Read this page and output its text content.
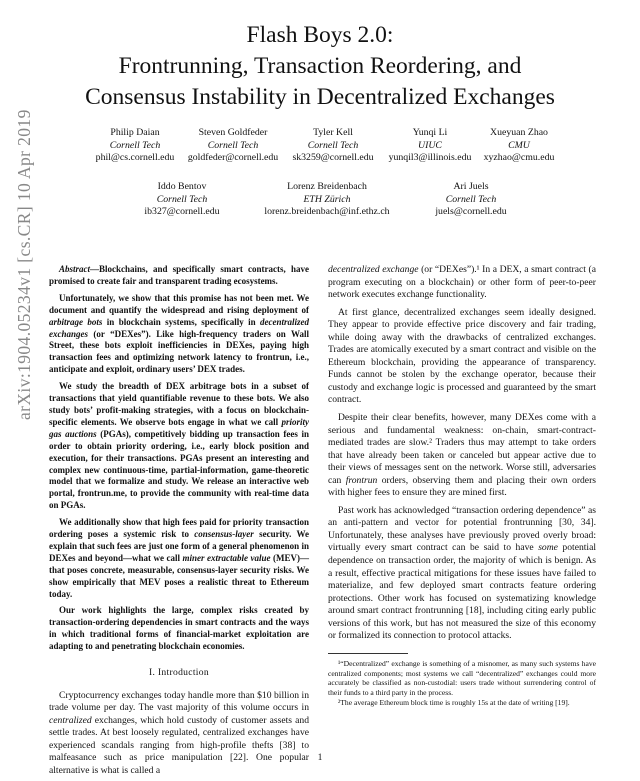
Flash Boys 2.0:
Frontrunning, Transaction Reordering, and
Consensus Instability in Decentralized Exchanges
Philip Daian
Cornell Tech
phil@cs.cornell.edu
Steven Goldfeder
Cornell Tech
goldfeder@cornell.edu
Tyler Kell
Cornell Tech
sk3259@cornell.edu
Yunqi Li
UIUC
yunqil3@illinois.edu
Xueyuan Zhao
CMU
xyzhao@cmu.edu
Iddo Bentov
Cornell Tech
ib327@cornell.edu
Lorenz Breidenbach
ETH Zürich
lorenz.breidenbach@inf.ethz.ch
Ari Juels
Cornell Tech
juels@cornell.edu
arXiv:1904.05234v1 [cs.CR] 10 Apr 2019	Abstract—Blockchains, and specifically smart contracts, have promised to create fair and transparent trading ecosystems.

Unfortunately, we show that this promise has not been met. We document and quantify the widespread and rising deployment of arbitrage bots in blockchain systems, specifically in decentralized exchanges (or “DEXes”). Like high-frequency traders on Wall Street, these bots exploit inefficiencies in DEXes, paying high transaction fees and optimizing network latency to frontrun, i.e., anticipate and exploit, ordinary users’ DEX trades.

We study the breadth of DEX arbitrage bots in a subset of transactions that yield quantifiable revenue to these bots. We also study bots’ profit-making strategies, with a focus on blockchain-specific elements. We observe bots engage in what we call priority gas auctions (PGAs), competitively bidding up transaction fees in order to obtain priority ordering, i.e., early block position and execution, for their transactions. PGAs present an interesting and complex new continuous-time, partial-information, game-theoretic model that we formalize and study. We release an interactive web portal, frontrun.me, to provide the community with real-time data on PGAs.

We additionally show that high fees paid for priority transaction ordering poses a systemic risk to consensus-layer security. We explain that such fees are just one form of a general phenomenon in DEXes and beyond—what we call miner extractable value (MEV)—that poses concrete, measurable, consensus-layer security risks. We show empirically that MEV poses a realistic threat to Ethereum today.

Our work highlights the large, complex risks created by transaction-ordering dependencies in smart contracts and the ways in which traditional forms of financial-market exploitation are adapting to and penetrating blockchain economies.

I. Introduction

Cryptocurrency exchanges today handle more than $10 billion in trade volume per day. The vast majority of this volume occurs in centralized exchanges, which hold custody of customer assets and settle trades. At best loosely regulated, centralized exchanges have experienced scandals ranging from high-profile thefts [38] to malfeasance such as price manipulation [22]. One popular alternative is what is called a

decentralized exchange (or “DEXes”).¹ In a DEX, a smart contract (a program executing on a blockchain) or other form of peer-to-peer network executes exchange functionality.

At first glance, decentralized exchanges seem ideally designed. They appear to provide effective price discovery and fair trading, while doing away with the drawbacks of centralized exchanges. Trades are atomically executed by a smart contract and visible on the Ethereum blockchain, providing the appearance of transparency. Funds cannot be stolen by the exchange operator, because their custody and exchange logic is processed and guaranteed by the smart contract.

Despite their clear benefits, however, many DEXes come with a serious and fundamental weakness: on-chain, smart-contract-mediated trades are slow.² Traders thus may attempt to take orders that have already been taken or canceled but appear active due to their views of messages sent on the network. Worse still, adversaries can frontrun orders, observing them and placing their own orders with higher fees to ensure they are mined first.

Past work has acknowledged “transaction ordering dependence” as an anti-pattern and vector for potential frontrunning [30, 34]. Unfortunately, these analyses have previously proved overly broad: virtually every smart contract can be said to have some potential dependence on transaction order, the majority of which is benign. As a result, effective practical mitigations for these issues have failed to materialize, and few deployed smart contracts feature ordering protections. Other work has focused on systematizing knowledge around smart contract frontrunning [18], including citing early public versions of this work, but has not measured the size of this economy or formalized its connection to protocol attacks.

¹“Decentralized” exchange is something of a misnomer, as many such systems have centralized components; most systems we call “decentralized” exchanges could more accurately be classified as non-custodial: users trade without surrendering control of their funds to a third party in the process.

²The average Ethereum block time is roughly 15s at the date of writing [19].

1
